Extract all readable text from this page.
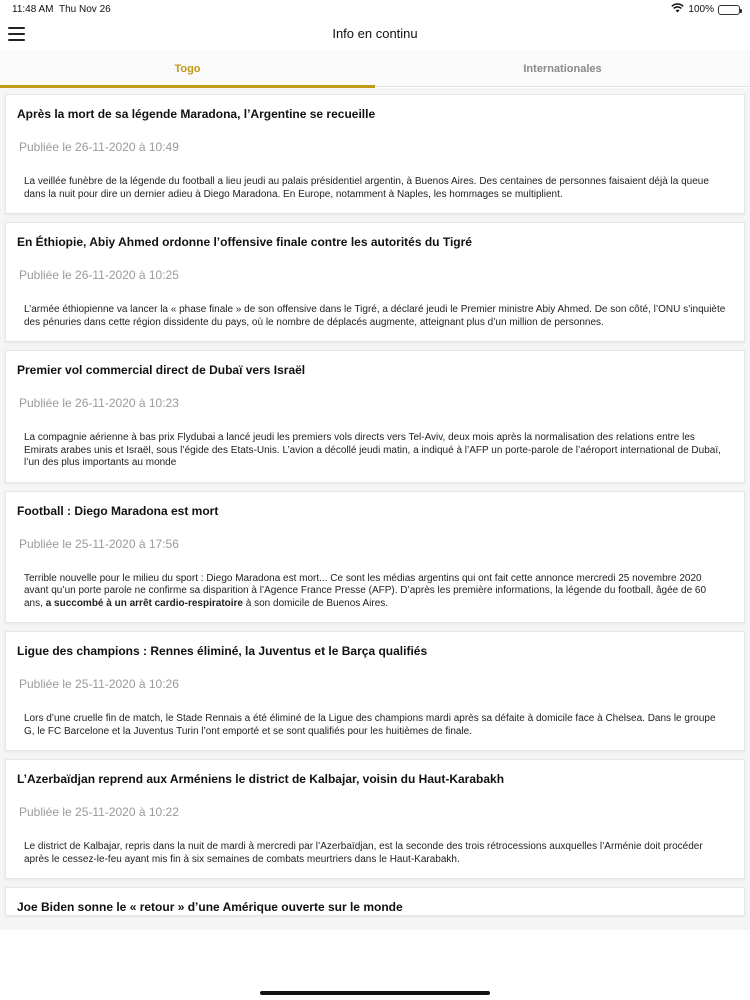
11:48 AM Thu Nov 26	100%
Info en continu
Togo	Internationales
Après la mort de sa légende Maradona, l’Argentine se recueille
Publiée le 26-11-2020 à 10:49
La veillée funèbre de la légende du football a lieu jeudi au palais présidentiel argentin, à Buenos Aires. Des centaines de personnes faisaient déjà la queue dans la nuit pour dire un dernier adieu à Diego Maradona. En Europe, notamment à Naples, les hommages se multiplient.
En Éthiopie, Abiy Ahmed ordonne l’offensive finale contre les autorités du Tigré
Publiée le 26-11-2020 à 10:25
L’armée éthiopienne va lancer la « phase finale » de son offensive dans le Tigré, a déclaré jeudi le Premier ministre Abiy Ahmed. De son côté, l’ONU s’inquiète des pénuries dans cette région dissidente du pays, où le nombre de déplacés augmente, atteignant plus d’un million de personnes.
Premier vol commercial direct de Dubaï vers Israël
Publiée le 26-11-2020 à 10:23
La compagnie aérienne à bas prix Flydubai a lancé jeudi les premiers vols directs vers Tel-Aviv, deux mois après la normalisation des relations entre les Emirats arabes unis et Israël, sous l’égide des Etats-Unis. L’avion a décollé jeudi matin, a indiqué à l’AFP un porte-parole de l’aéroport international de Dubaï, l’un des plus importants au monde
Football : Diego Maradona est mort
Publiée le 25-11-2020 à 17:56
Terrible nouvelle pour le milieu du sport : Diego Maradona est mort... Ce sont les médias argentins qui ont fait cette annonce mercredi 25 novembre 2020 avant qu’un porte parole ne confirme sa disparition à l’Agence France Presse (AFP). D’après les première informations, la légende du football, âgée de 60 ans, a succombé à un arrêt cardio-respiratoire à son domicile de Buenos Aires.
Ligue des champions : Rennes éliminé, la Juventus et le Barça qualifiés
Publiée le 25-11-2020 à 10:26
Lors d’une cruelle fin de match, le Stade Rennais a été éliminé de la Ligue des champions mardi après sa défaite à domicile face à Chelsea. Dans le groupe G, le FC Barcelone et la Juventus Turin l’ont emporté et se sont qualifiés pour les huitièmes de finale.
L’Azerbaïdjan reprend aux Arméniens le district de Kalbajar, voisin du Haut-Karabakh
Publiée le 25-11-2020 à 10:22
Le district de Kalbajar, repris dans la nuit de mardi à mercredi par l’Azerbaïdjan, est la seconde des trois rétrocessions auxquelles l’Arménie doit procéder après le cessez-le-feu ayant mis fin à six semaines de combats meurtriers dans le Haut-Karabakh.
Joe Biden sonne le « retour » d’une Amérique ouverte sur le monde
